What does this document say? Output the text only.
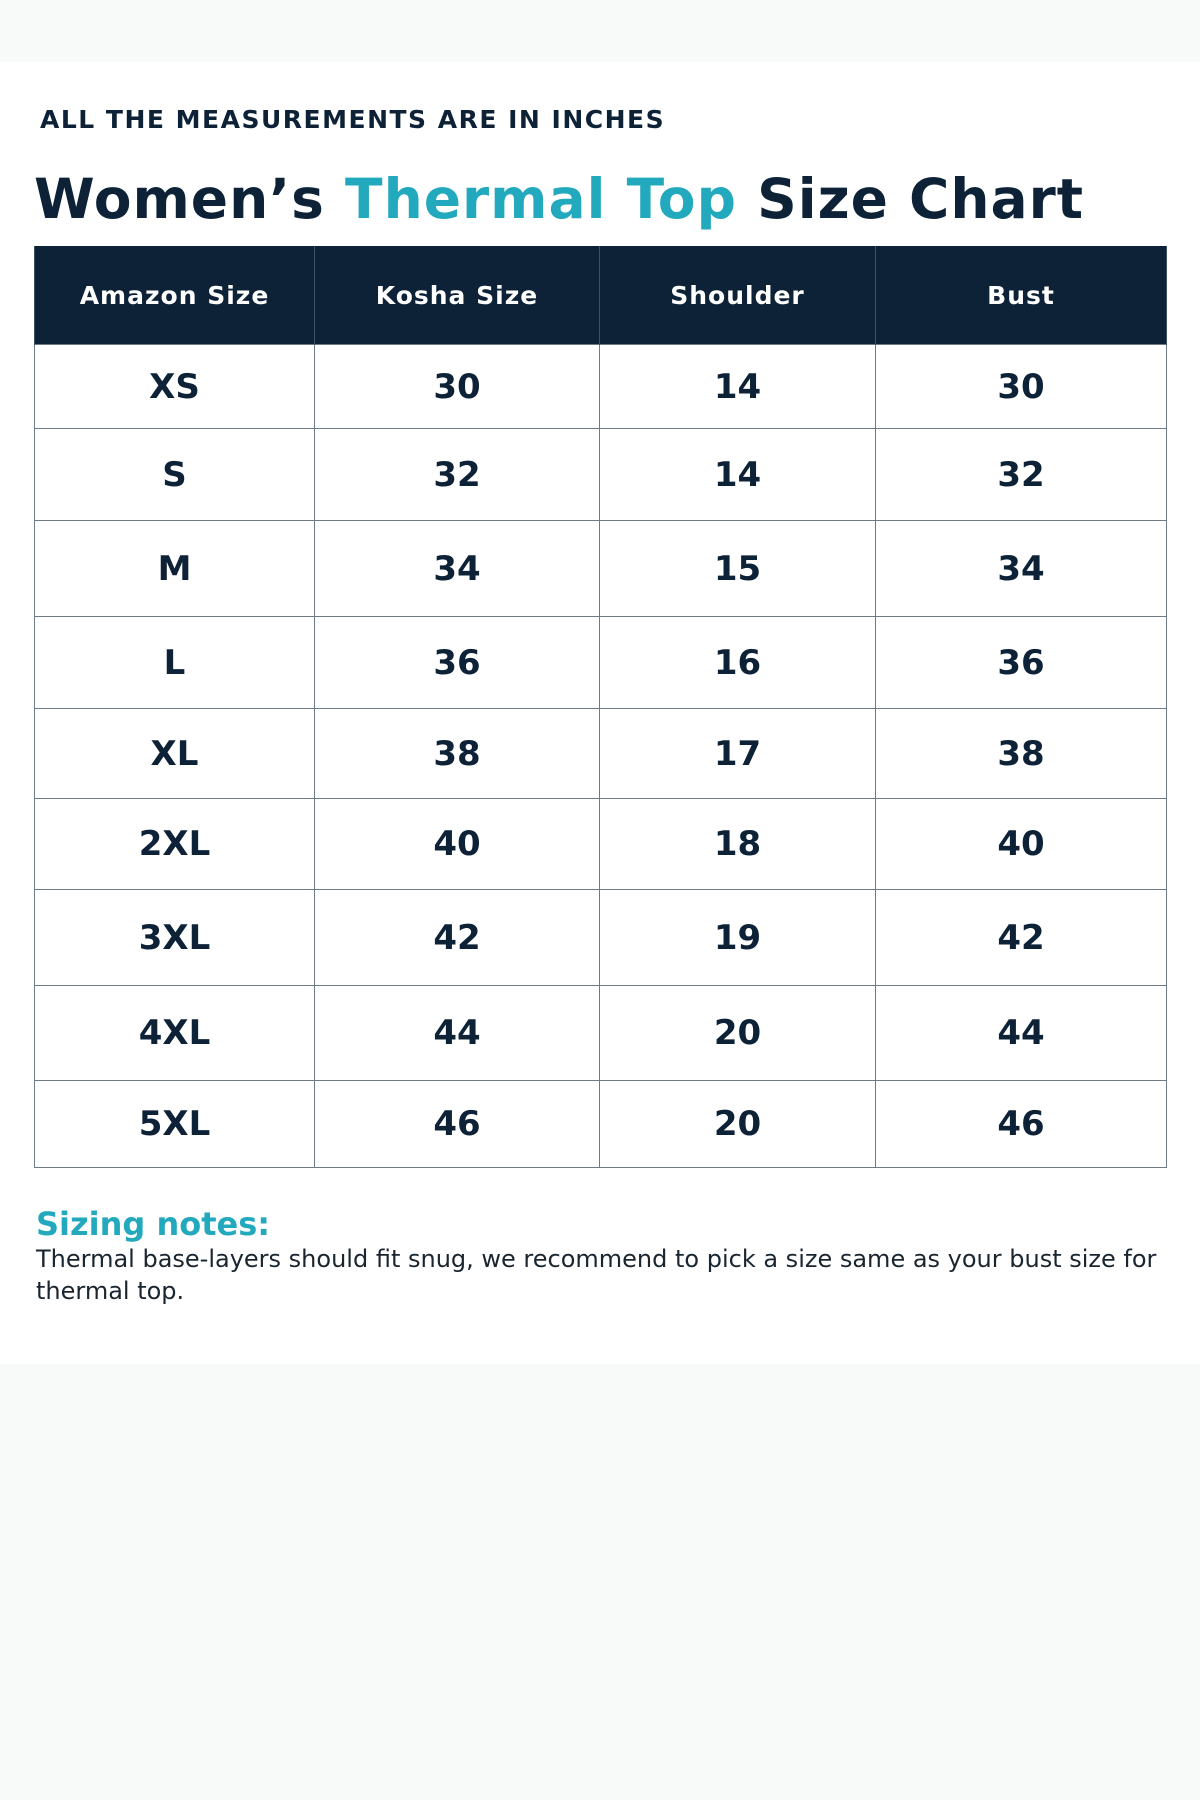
ALL THE MEASUREMENTS ARE IN INCHES
Women’s Thermal Top Size Chart
Amazon Size	Kosha Size	Shoulder	Bust
XS	30	14	30
S	32	14	32
M	34	15	34
L	36	16	36
XL	38	17	38
2XL	40	18	40
3XL	42	19	42
4XL	44	20	44
5XL	46	20	46
Sizing notes:
Thermal base-layers should fit snug, we recommend to pick a size same as your bust size for thermal top.
